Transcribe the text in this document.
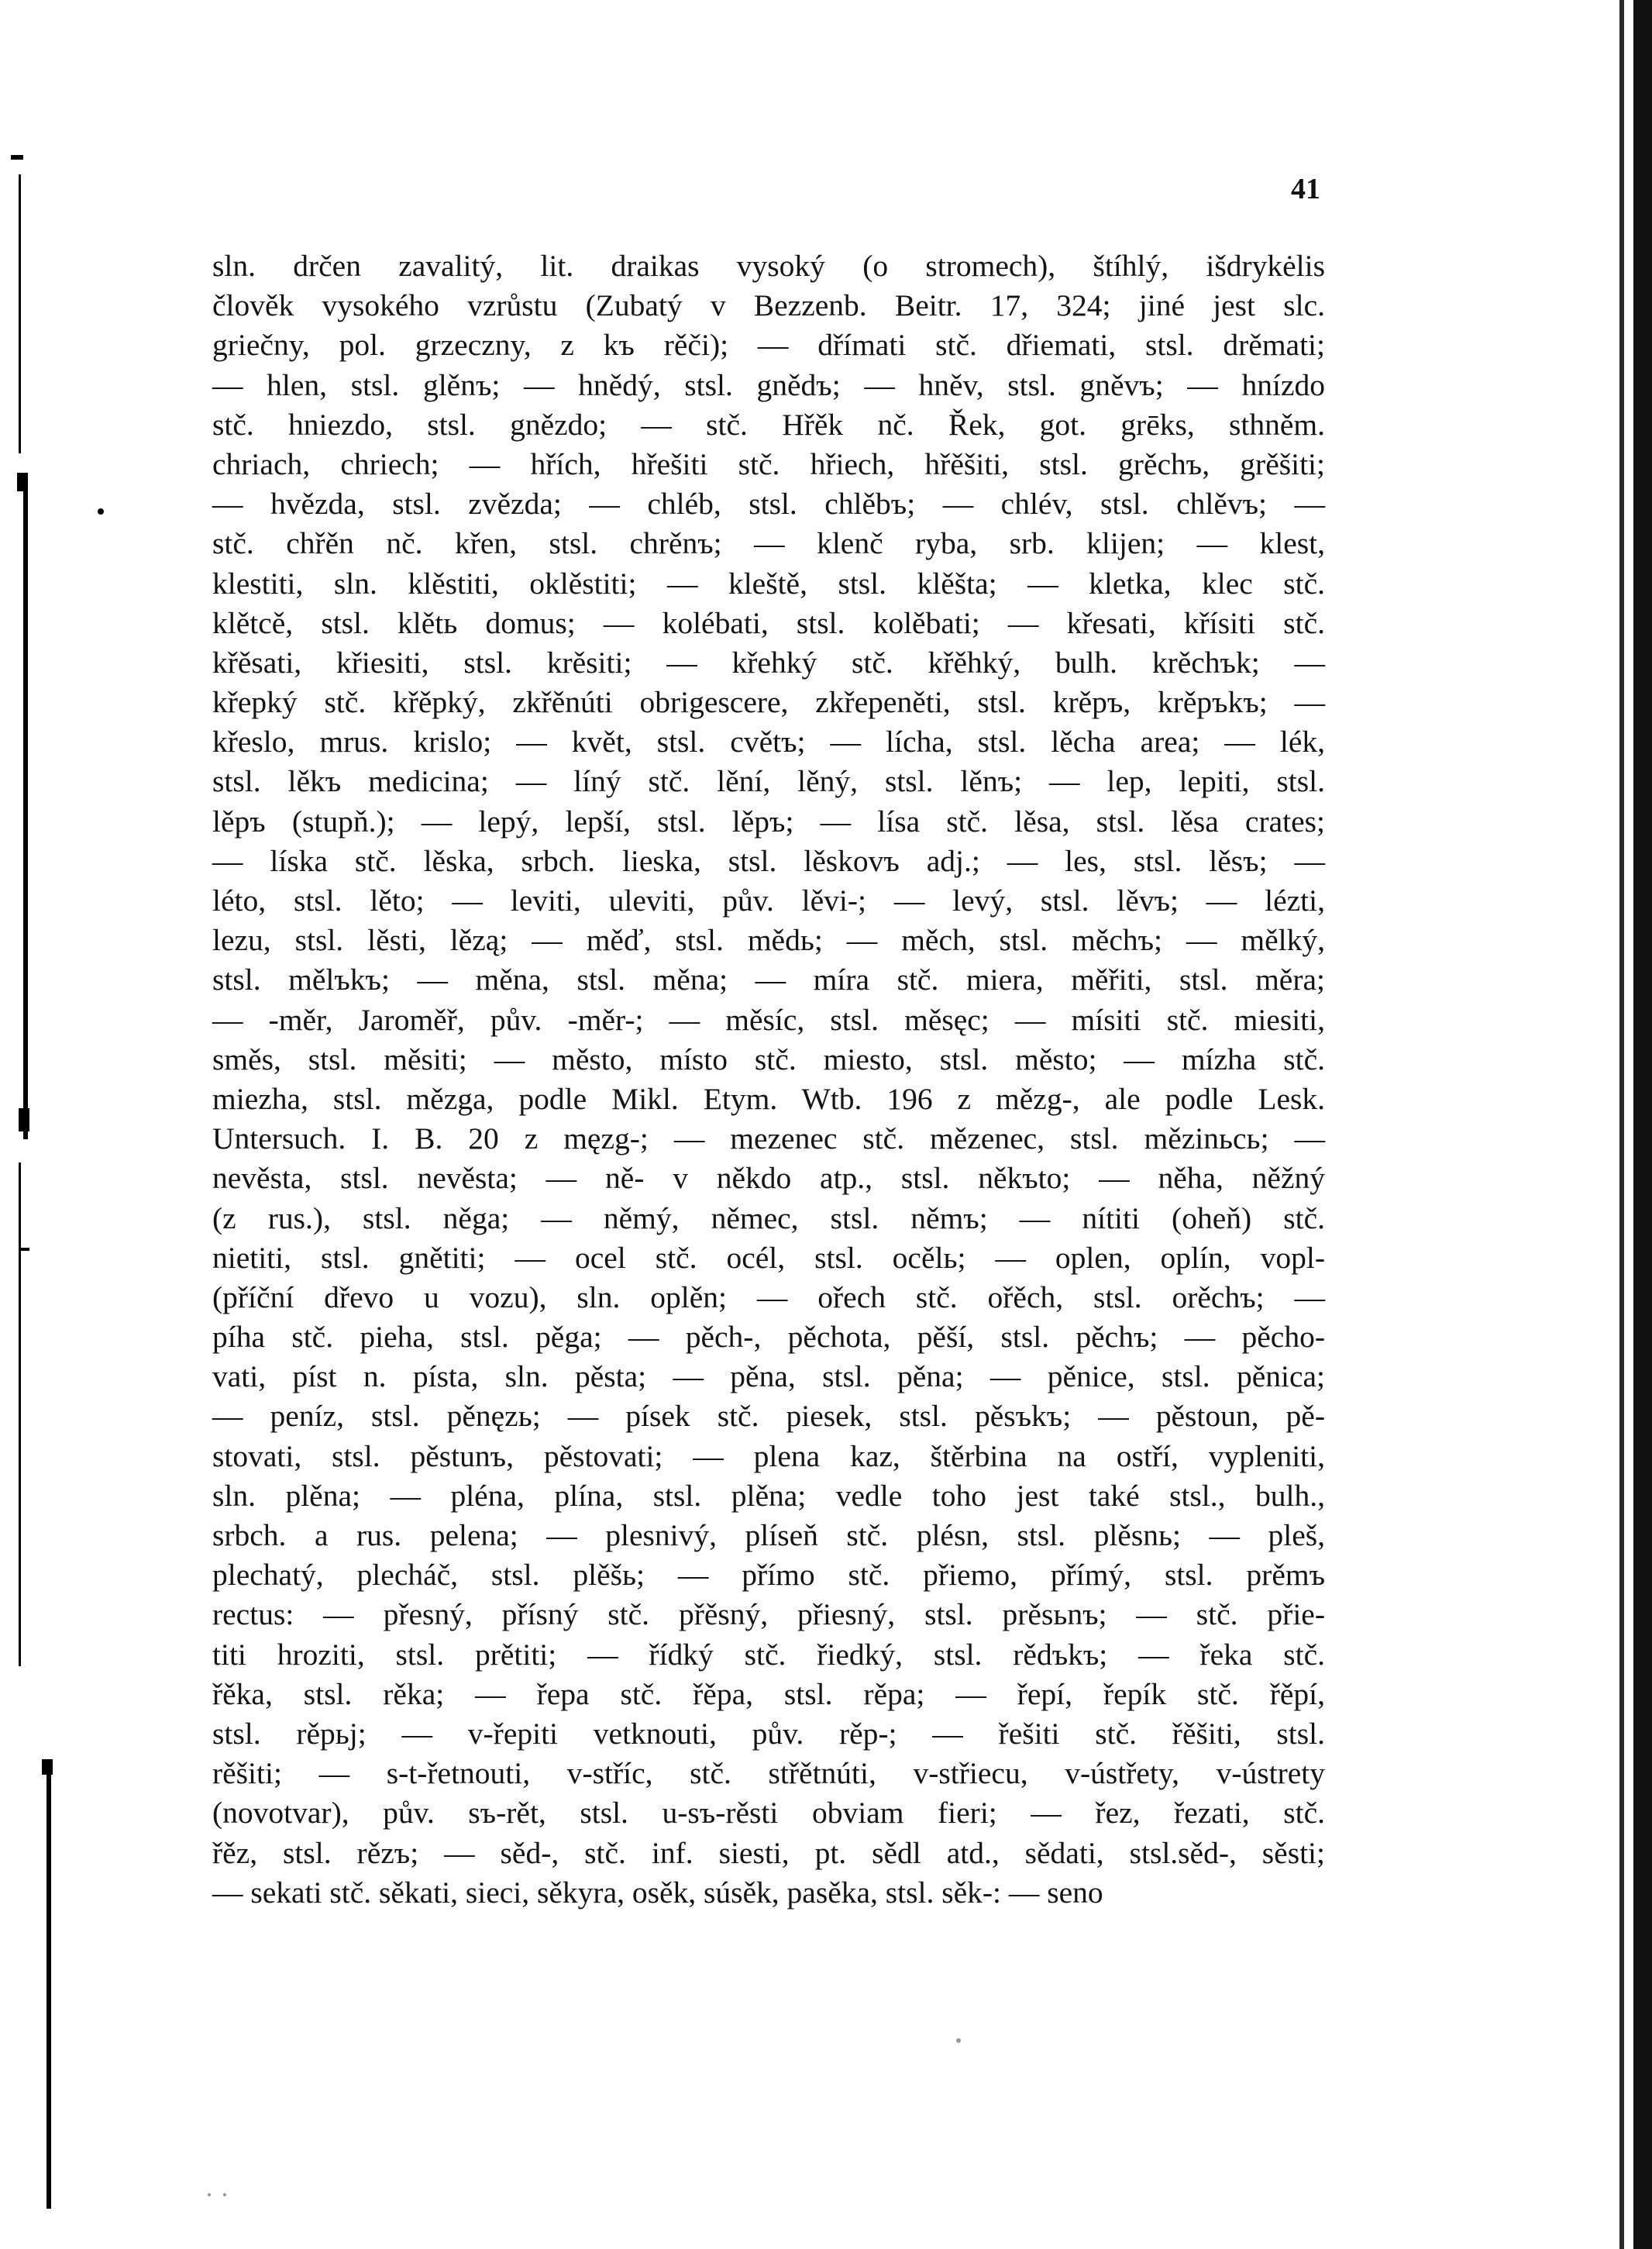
41
sln. drčen zavalitý, lit. draikas vysoký (o stromech), štíhlý, išdrykėlis
člověk vysokého vzrůstu (Zubatý v Bezzenb. Beitr. 17, 324; jiné jest slc.
griečny, pol. grzeczny, z kъ rěči); — dřímati stč. dřiemati, stsl. drěmati;
— hlen, stsl. glěnъ; — hnědý, stsl. gnědъ; — hněv, stsl. gněvъ; — hnízdo
stč. hniezdo, stsl. gnězdo; — stč. Hřěk nč. Řek, got. grēks, sthněm.
chriach, chriech; — hřích, hřešiti stč. hřiech, hřěšiti, stsl. grěchъ, grěšiti;
— hvězda, stsl. zvězda; — chléb, stsl. chlěbъ; — chlév, stsl. chlěvъ; —
stč. chřěn nč. křen, stsl. chrěnъ; — klenč ryba, srb. klijen; — klest,
klestiti, sln. klěstiti, oklěstiti; — kleště, stsl. klěšta; — kletka, klec stč.
klětcě, stsl. klětь domus; — kolébati, stsl. kolěbati; — křesati, křísiti stč.
křěsati, křiesiti, stsl. krěsiti; — křehký stč. křěhký, bulh. krěchъk; —
křepký stč. křěpký, zkřěnúti obrigescere, zkřepeněti, stsl. krěpъ, krěpъkъ; —
křeslo, mrus. krislo; — květ, stsl. cvětъ; — lícha, stsl. lěcha area; — lék,
stsl. lěkъ medicina; — líný stč. lění, lěný, stsl. lěnъ; — lep, lepiti, stsl.
lěpъ (stupň.); — lepý, lepší, stsl. lěpъ; — lísa stč. lěsa, stsl. lěsa crates;
— líska stč. lěska, srbch. lieska, stsl. lěskovъ adj.; — les, stsl. lěsъ; —
léto, stsl. lěto; — leviti, uleviti, pův. lěvi-; — levý, stsl. lěvъ; — lézti,
lezu, stsl. lěsti, lězą; — měď, stsl. mědь; — měch, stsl. měchъ; — mělký,
stsl. mělъkъ; — měna, stsl. měna; — míra stč. miera, měřiti, stsl. měra;
— -měr, Jaroměř, pův. -měr-; — měsíc, stsl. měsęc; — mísiti stč. miesiti,
směs, stsl. měsiti; — město, místo stč. miesto, stsl. město; — mízha stč.
miezha, stsl. mězga, podle Mikl. Etym. Wtb. 196 z mězg-, ale podle Lesk.
Untersuch. I. B. 20 z męzg-; — mezenec stč. mězenec, stsl. mězinьcь; —
nevěsta, stsl. nevěsta; — ně- v někdo atp., stsl. někъto; — něha, něžný
(z rus.), stsl. něga; — němý, němec, stsl. němъ; — nítiti (oheň) stč.
nietiti, stsl. gnětiti; — ocel stč. océl, stsl. ocělь; — oplen, oplín, vopl-
(příční dřevo u vozu), sln. oplěn; — ořech stč. ořěch, stsl. orěchъ; —
píha stč. pieha, stsl. pěga; — pěch-, pěchota, pěší, stsl. pěchъ; — pěcho-
vati, píst n. písta, sln. pěsta; — pěna, stsl. pěna; — pěnice, stsl. pěnica;
— peníz, stsl. pěnęzь; — písek stč. piesek, stsl. pěsъkъ; — pěstoun, pě-
stovati, stsl. pěstunъ, pěstovati; — plena kaz, štěrbina na ostří, vypleniti,
sln. plěna; — pléna, plína, stsl. plěna; vedle toho jest také stsl., bulh.,
srbch. a rus. pelena; — plesnivý, plíseň stč. plésn, stsl. plěsnь; — pleš,
plechatý, plecháč, stsl. plěšь; — přímo stč. přiemo, přímý, stsl. prěmъ
rectus: — přesný, přísný stč. přěsný, přiesný, stsl. prěsьnъ; — stč. přie-
titi hroziti, stsl. prětiti; — řídký stč. řiedký, stsl. rědъkъ; — řeka stč.
řěka, stsl. rěka; — řepa stč. řěpa, stsl. rěpa; — řepí, řepík stč. řěpí,
stsl. rěpьj; — v-řepiti vetknouti, pův. rěp-; — řešiti stč. řěšiti, stsl.
rěšiti; — s-t-řetnouti, v-stříc, stč. střětnúti, v-střiecu, v-ústřety, v-ústrety
(novotvar), pův. sъ-rět, stsl. u-sъ-rěsti obviam fieri; — řez, řezati, stč.
řěz, stsl. rězъ; — sěd-, stč. inf. siesti, pt. sědl atd., sědati, stsl.sěd-, sěsti;
— sekati stč. sěkati, sieci, sěkyra, osěk, súsěk, pasěka, stsl. sěk-: — seno
